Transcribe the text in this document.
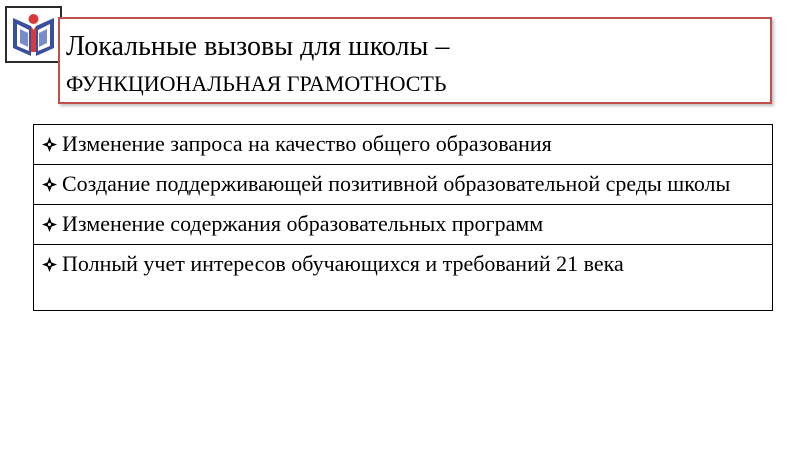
Локальные вызовы для школы –
ФУНКЦИОНАЛЬНАЯ ГРАМОТНОСТЬ
Изменение запроса на качество общего образования

Создание поддерживающей позитивной образовательной среды школы

Изменение содержания образовательных программ

Полный учет интересов обучающихся и требований 21 века
